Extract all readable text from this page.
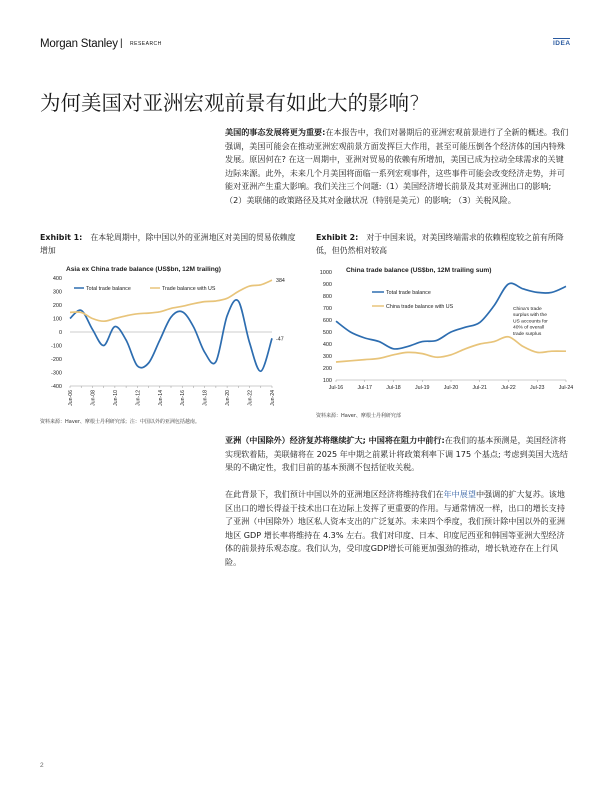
Morgan Stanley | RESEARCH	IDEA
为何美国对亚洲宏观前景有如此大的影响?
美国的事态发展将更为重要:在本报告中，我们对暑期后的亚洲宏观前景进行了全新的概述。我们强调，美国可能会在推动亚洲宏观前景方面发挥巨大作用，甚至可能压倒各个经济体的国内特殊发展。原因何在? 在这一周期中，亚洲对贸易的依赖有所增加，美国已成为拉动全球需求的关键边际来源。此外，未来几个月美国将面临一系列宏观事件，这些事件可能会改变经济走势，并可能对亚洲产生重大影响。我们关注三个问题:（1）美国经济增长前景及其对亚洲出口的影响; （2）美联储的政策路径及其对金融状况（特别是美元）的影响; （3）关税风险。
Exhibit 1: 在本轮周期中，除中国以外的亚洲地区对美国的贸易依赖度增加
Exhibit 2: 对于中国来说，对美国终端需求的依赖程度较之前有所降低，但仍然相对较高
Asia ex China trade balance (US$bn, 12M trailing)
400
300
200
100
0
-100
-200
-300
-400
Jun-06	Jun-08	Jun-10	Jun-12	Jun-14	Jun-16	Jun-18	Jun-20	Jun-22	Jun-24
Total trade balance	Trade balance with US
384
-47
China trade balance (US$bn, 12M trailing sum)
1000
900
800
700
600
500
400
300
200
100
Jul-16	Jul-17	Jul-18	Jul-19	Jul-20	Jul-21	Jul-22	Jul-23	Jul-24
Total trade balance
China trade balance with US	China's trade surplus with the US accounts for 40% of overall trade surplus
资料来源：Haver、摩根士丹利研究部；注：中国以外的亚洲包括越南。
资料来源：Haver、摩根士丹利研究部
亚洲（中国除外）经济复苏将继续扩大; 中国将在阻力中前行:在我们的基本预测是，美国经济将实现软着陆，美联储将在 2025 年中期之前累计将政策利率下调 175 个基点; 考虑到美国大选结果的不确定性，我们目前的基本预测不包括征收关税。
在此背景下，我们预计中国以外的亚洲地区经济将维持我们在年中展望中强调的扩大复苏。该地区出口的增长得益于技术出口在边际上发挥了更重要的作用。与通常情况一样，出口的增长支持了亚洲（中国除外）地区私人资本支出的广泛复苏。未来四个季度，我们预计除中国以外的亚洲地区 GDP 增长率将维持在 4.3% 左右。我们对印度、日本、印度尼西亚和韩国等亚洲大型经济体的前景持乐观态度。我们认为，受印度GDP增长可能更加强劲的推动，增长轨迹存在上行风险。
2
